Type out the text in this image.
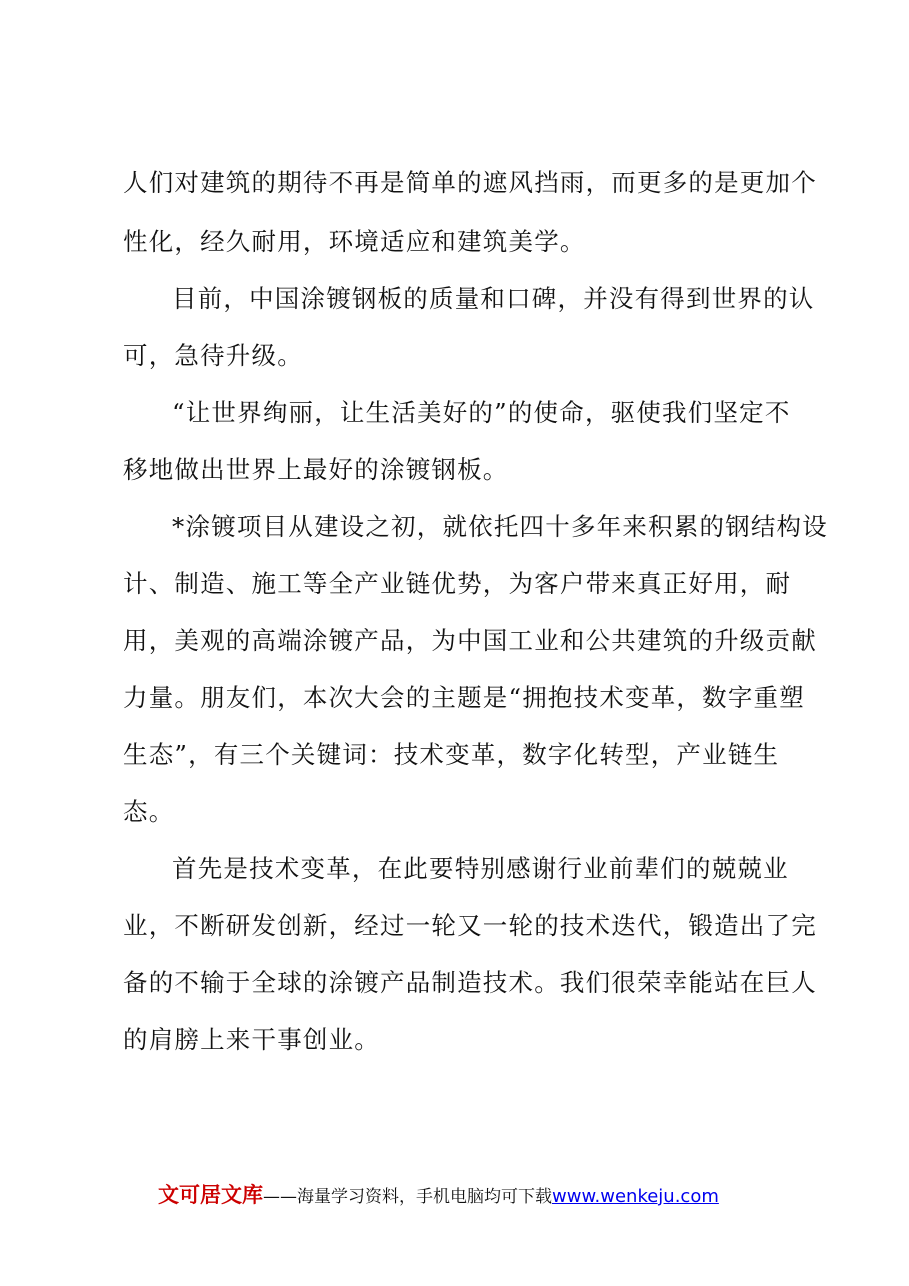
人们对建筑的期待不再是简单的遮风挡雨，而更多的是更加个
性化，经久耐用，环境适应和建筑美学。
目前，中国涂镀钢板的质量和口碑，并没有得到世界的认
可，急待升级。
“让世界绚丽，让生活美好的”的使命，驱使我们坚定不
移地做出世界上最好的涂镀钢板。
*涂镀项目从建设之初，就依托四十多年来积累的钢结构设
计、制造、施工等全产业链优势，为客户带来真正好用，耐
用，美观的高端涂镀产品，为中国工业和公共建筑的升级贡献
力量。朋友们，本次大会的主题是“拥抱技术变革，数字重塑
生态”，有三个关键词：技术变革，数字化转型，产业链生
态。
首先是技术变革，在此要特别感谢行业前辈们的兢兢业
业，不断研发创新，经过一轮又一轮的技术迭代，锻造出了完
备的不输于全球的涂镀产品制造技术。我们很荣幸能站在巨人
的肩膀上来干事创业。
文可居文库——海量学习资料，手机电脑均可下载www.wenkeju.com
